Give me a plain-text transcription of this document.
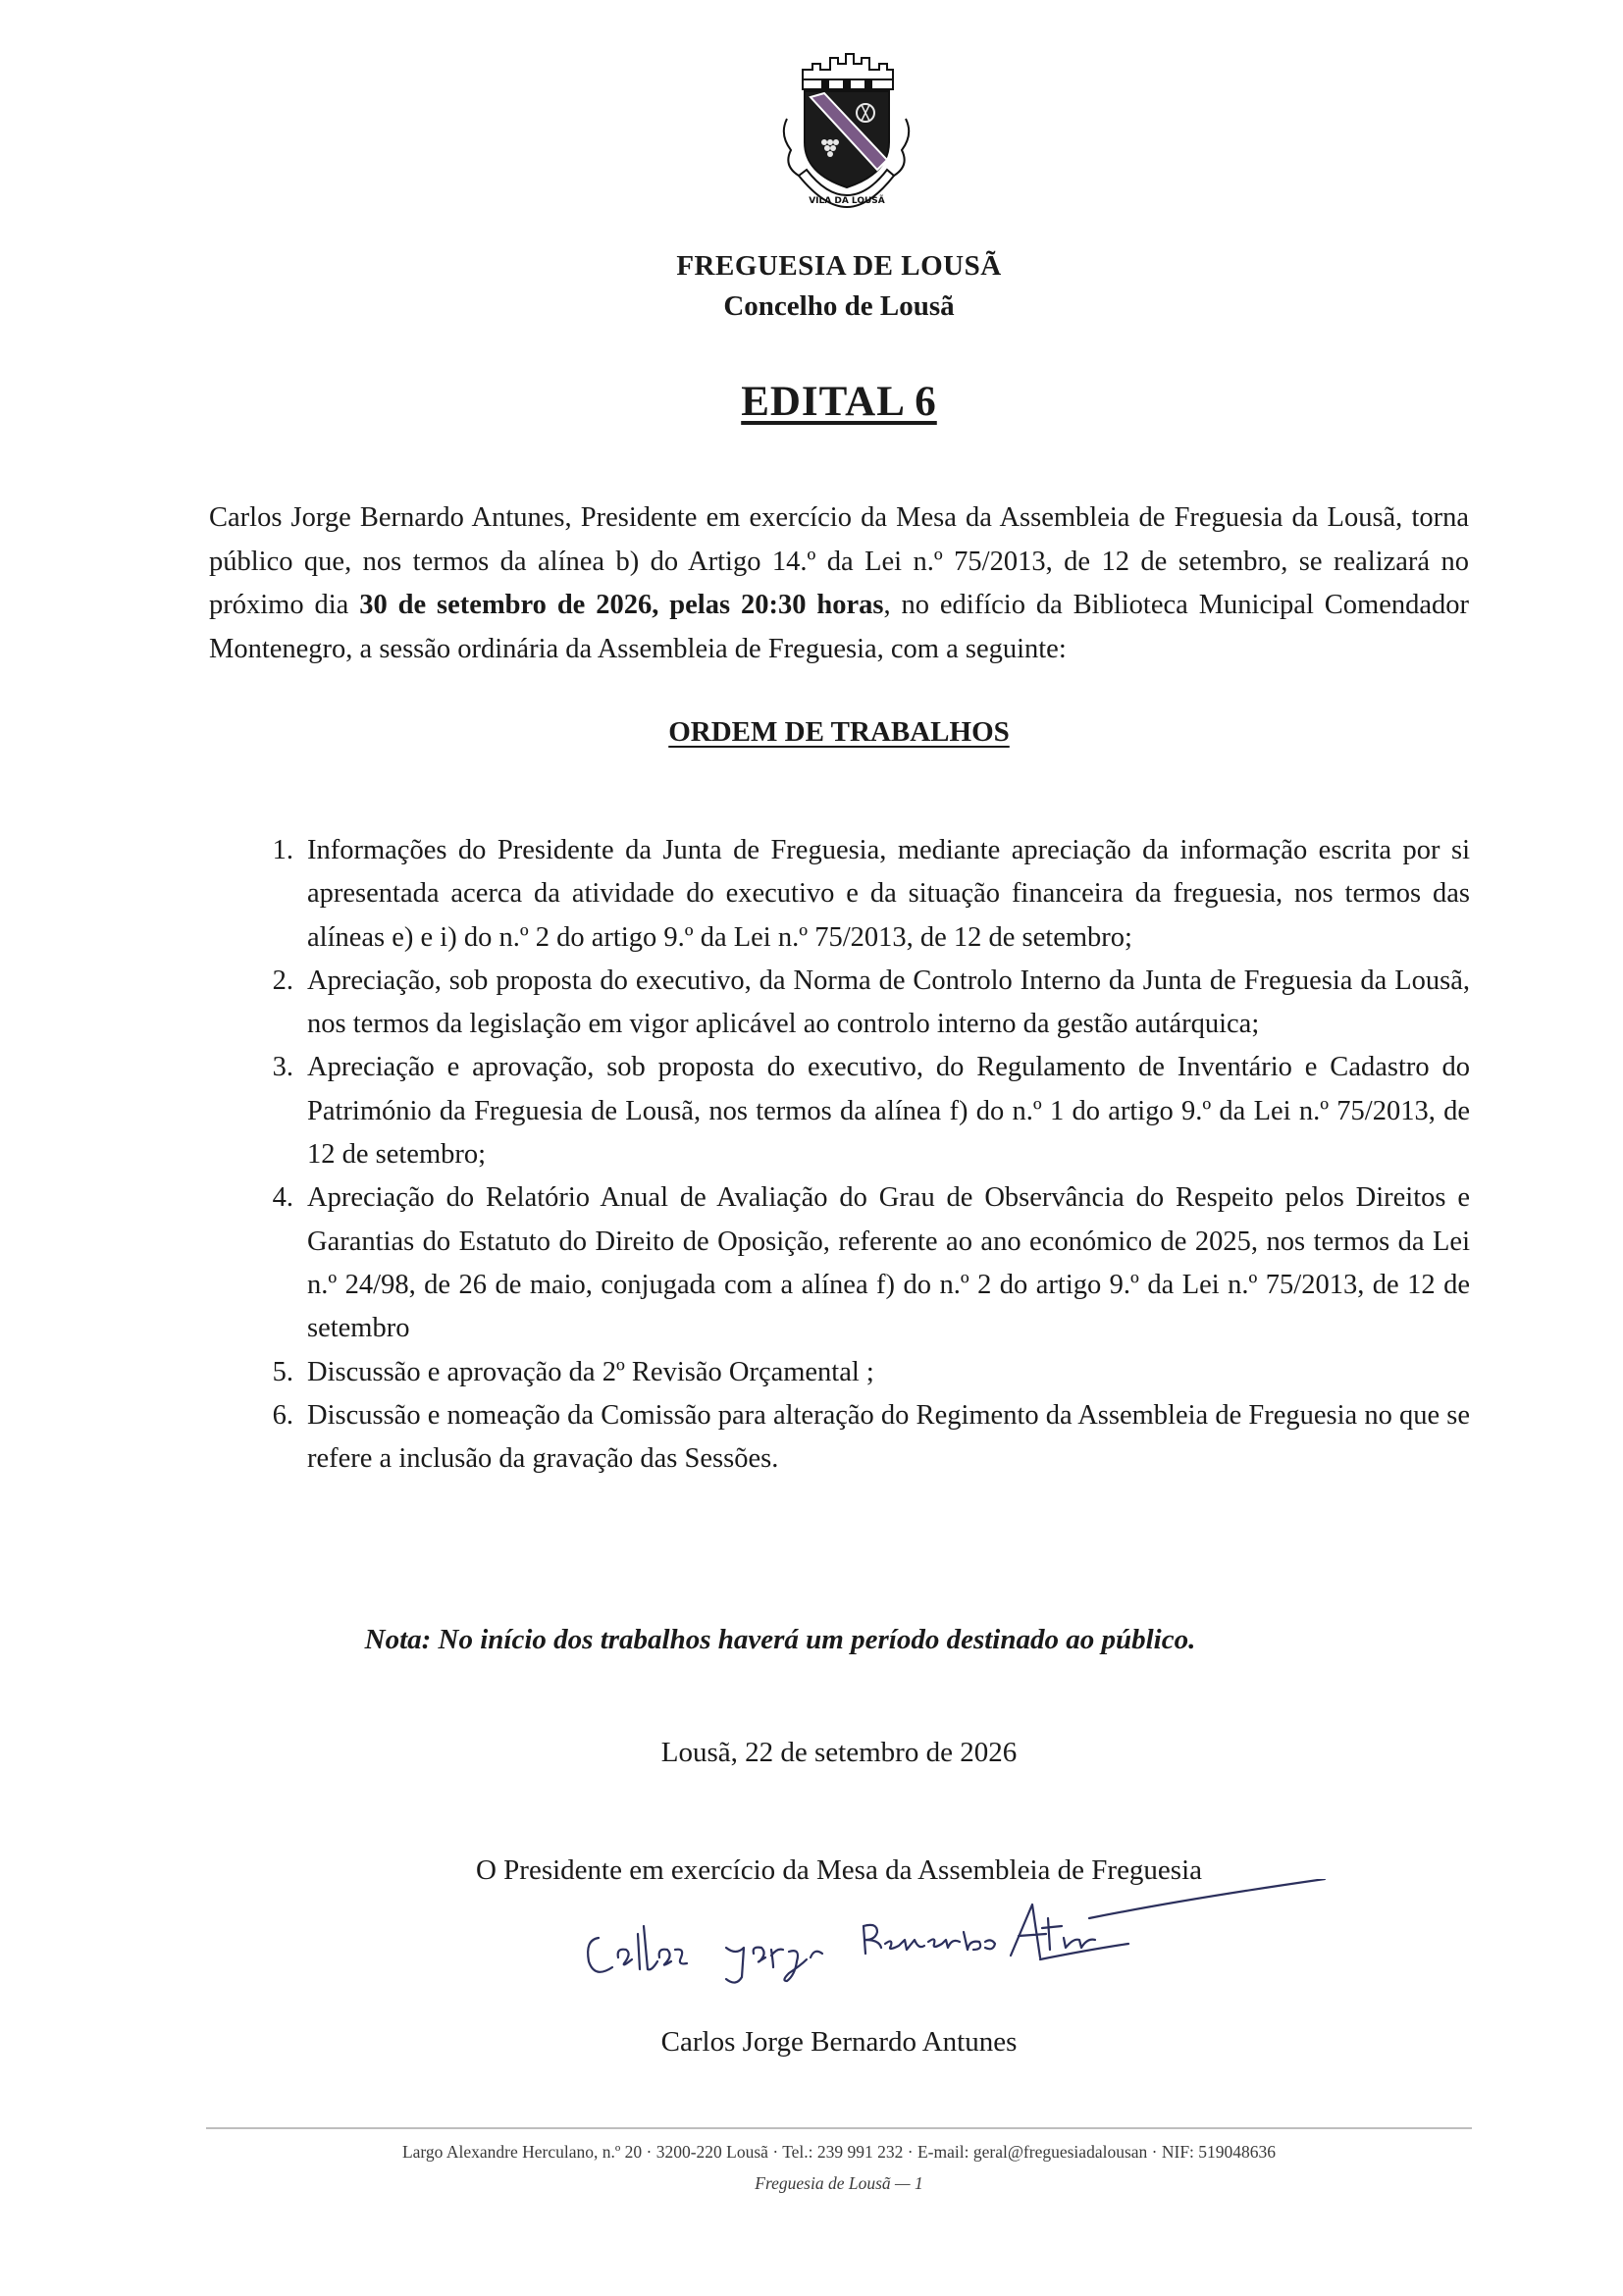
VILA DA LOUSÃ
FREGUESIA DE LOUSÃ
Concelho de Lousã
EDITAL 6

Carlos Jorge Bernardo Antunes, Presidente em exercício da Mesa da Assembleia de Freguesia da Lousã, torna público que, nos termos da alínea b) do Artigo 14.º da Lei n.º 75/2013, de 12 de setembro, se realizará no próximo dia 30 de setembro de 2026, pelas 20:30 horas, no edifício da Biblioteca Municipal Comendador Montenegro, a sessão ordinária da Assembleia de Freguesia, com a seguinte:

ORDEM DE TRABALHOS
1. Informações do Presidente da Junta de Freguesia, mediante apreciação da informação escrita por si apresentada acerca da atividade do executivo e da situação financeira da freguesia, nos termos das alíneas e) e i) do n.º 2 do artigo 9.º da Lei n.º 75/2013, de 12 de setembro;
2. Apreciação, sob proposta do executivo, da Norma de Controlo Interno da Junta de Freguesia da Lousã, nos termos da legislação em vigor aplicável ao controlo interno da gestão autárquica;
3. Apreciação e aprovação, sob proposta do executivo, do Regulamento de Inventário e Cadastro do Património da Freguesia de Lousã, nos termos da alínea f) do n.º 1 do artigo 9.º da Lei n.º 75/2013, de 12 de setembro;
4. Apreciação do Relatório Anual de Avaliação do Grau de Observância do Respeito pelos Direitos e Garantias do Estatuto do Direito de Oposição, referente ao ano económico de 2025, nos termos da Lei n.º 24/98, de 26 de maio, conjugada com a alínea f) do n.º 2 do artigo 9.º da Lei n.º 75/2013, de 12 de setembro
5. Discussão e aprovação da 2º Revisão Orçamental ;
6. Discussão e nomeação da Comissão para alteração do Regimento da Assembleia de Freguesia no que se refere a inclusão da gravação das Sessões.
Nota: No início dos trabalhos haverá um período destinado ao público.
Lousã, 22 de setembro de 2026
O Presidente em exercício da Mesa da Assembleia de Freguesia
Carlos Jorge Bernardo Antunes
Largo Alexandre Herculano, n.º 20 · 3200-220 Lousã · Tel.: 239 991 232 · E-mail: geral@freguesiadalousan · NIF: 519048636
Freguesia de Lousã — 1
